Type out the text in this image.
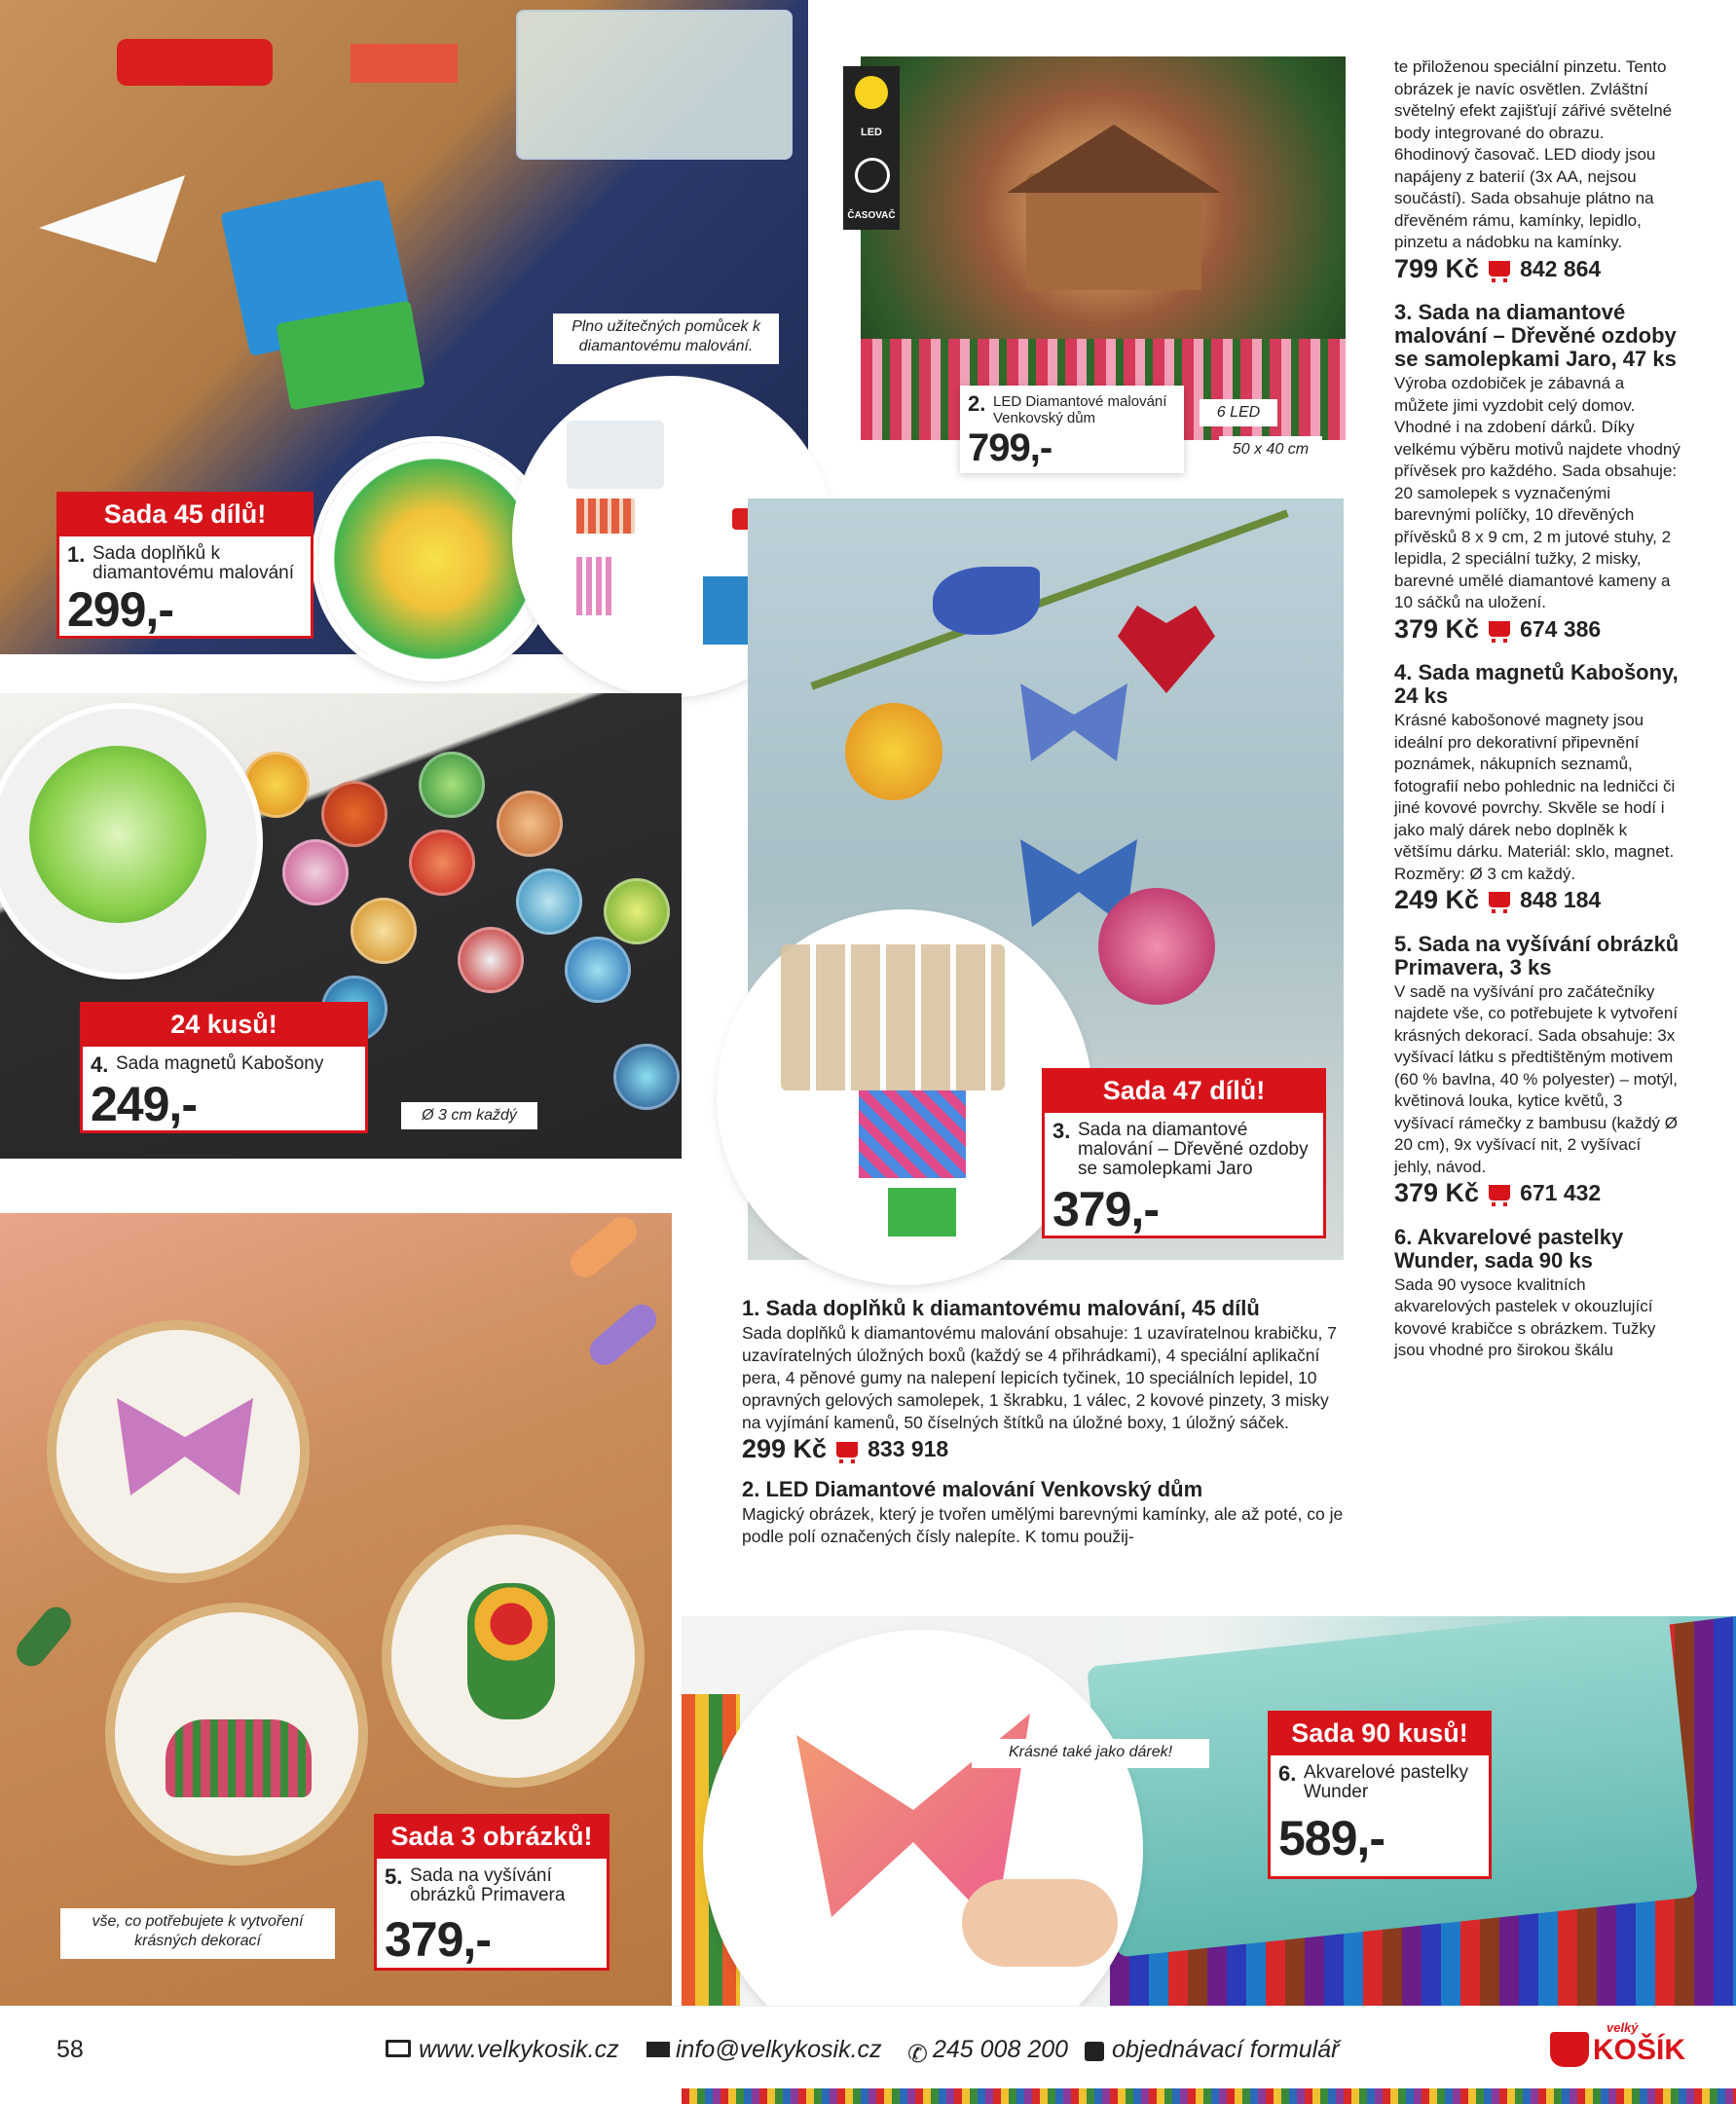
Plno užitečných pomůcek k diamantovému malování.
Sada 45 dílů!
1. Sada doplňků k diamantovému malování
299,-
LED
ČASOVAČ
6 LED
50 x 40 cm
2. LED Diamantové malování Venkovský dům
799,-
Ø 3 cm každý
24 kusů!
4. Sada magnetů Kabošony
249,-	Sada 47 dílů!
3. Sada na diamantové malování – Dřevěné ozdoby se samolepkami Jaro
379,-
vše, co potřebujete k vytvoření krásných dekorací
Sada 3 obrázků!
5. Sada na vyšívání obrázků Primavera
379,-
Krásné také jako dárek!
Sada 90 kusů!
6. Akvarelové pastelky Wunder
589,-
1. Sada doplňků k diamantovému malování, 45 dílů

Sada doplňků k diamantovému malování obsahuje: 1 uzavíratelnou krabičku, 7 uzavíratelných úložných boxů (každý se 4 přihrádkami), 4 speciální aplikační pera, 4 pěnové gumy na nalepení lepicích tyčinek, 10 speciálních lepidel, 10 opravných gelových samolepek, 1 škrabku, 1 válec, 2 kovové pinzety, 3 misky na vyjímání kamenů, 50 číselných štítků na úložné boxy, 1 úložný sáček.

299 Kč 833 918
2. LED Diamantové malování Venkovský dům

Magický obrázek, který je tvořen umělými barevnými kamínky, ale až poté, co je podle polí označených čísly nalepíte. K tomu použij-

te přiloženou speciální pinzetu. Tento obrázek je navíc osvětlen. Zvláštní světelný efekt zajišťují zářivé světelné body integrované do obrazu. 6hodinový časovač. LED diody jsou napájeny z baterií (3x AA, nejsou součástí). Sada obsahuje plátno na dřevěném rámu, kamínky, lepidlo, pinzetu a nádobku na kamínky.

799 Kč 842 864
3. Sada na diamantové malování – Dřevěné ozdoby se samolepkami Jaro, 47 ks

Výroba ozdobiček je zábavná a můžete jimi vyzdobit celý domov. Vhodné i na zdobení dárků. Díky velkému výběru motivů najdete vhodný přívěsek pro každého. Sada obsahuje: 20 samolepek s vyznačenými barevnými políčky, 10 dřevěných přívěsků 8 x 9 cm, 2 m jutové stuhy, 2 lepidla, 2 speciální tužky, 2 misky, barevné umělé diamantové kameny a 10 sáčků na uložení.

379 Kč 674 386
4. Sada magnetů Kabošony, 24 ks

Krásné kabošonové magnety jsou ideální pro dekorativní připevnění poznámek, nákupních seznamů, fotografií nebo pohlednic na ledničci či jiné kovové povrchy. Skvěle se hodí i jako malý dárek nebo doplněk k většímu dárku. Materiál: sklo, magnet. Rozměry: Ø 3 cm každý.

249 Kč 848 184
5. Sada na vyšívání obrázků Primavera, 3 ks

V sadě na vyšívání pro začátečníky najdete vše, co potřebujete k vytvoření krásných dekorací. Sada obsahuje: 3x vyšívací látku s předtištěným motivem (60 % bavlna, 40 % polyester) – motýl, květinová louka, kytice květů, 3 vyšívací rámečky z bambusu (každý Ø 20 cm), 9x vyšívací nit, 2 vyšívací jehly, návod.

379 Kč 671 432
6. Akvarelové pastelky Wunder, sada 90 ks

Sada 90 vysoce kvalitních akvarelových pastelek v okouzlující kovové krabičce s obrázkem. Tužky jsou vhodné pro širokou škálu

58	www.velkykosik.cz info@velkykosik.cz ✆ 245 008 200 objednávací formulář
velký
KOŠÍK
